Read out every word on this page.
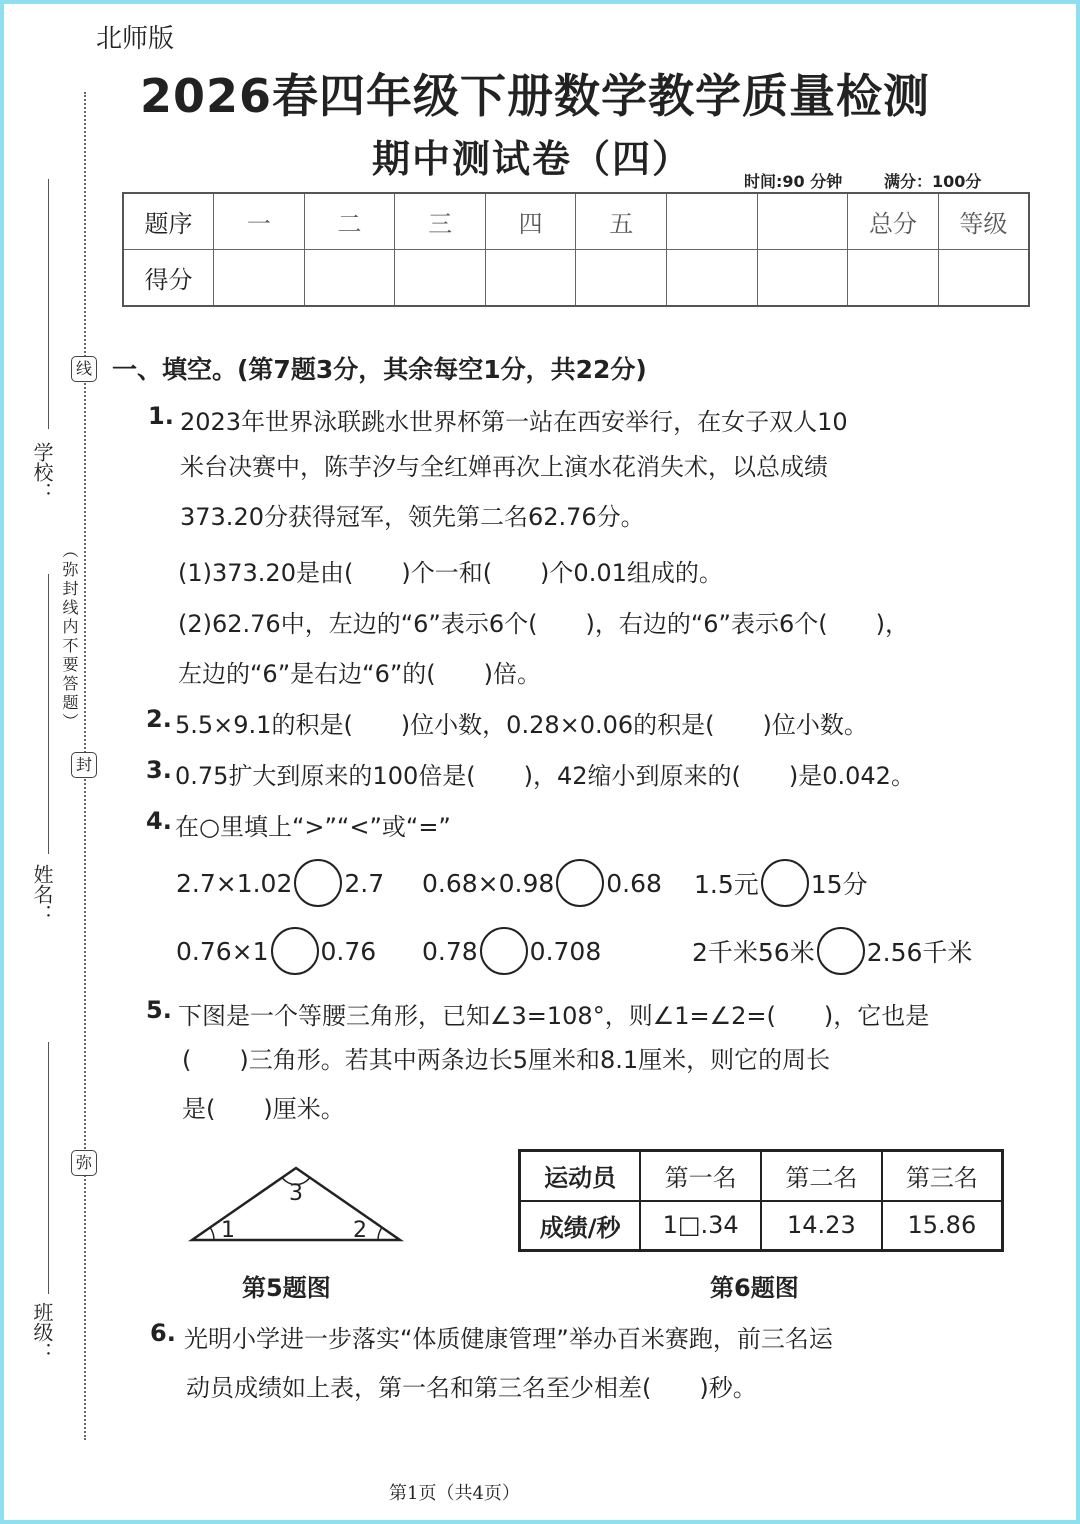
北师版
2026春四年级下册数学教学质量检测
期中测试卷（四）
时间:90 分钟	满分：100分
题序	一	二	三	四	五			总分	等级
得分									
线
封
弥
学校：
姓名：
班级：
（弥封线内不要答题）
一、填空。(第7题3分，其余每空1分，共22分)
1. 2023年世界泳联跳水世界杯第一站在西安举行，在女子双人10
米台决赛中，陈芋汐与全红婵再次上演水花消失术，以总成绩
373.20分获得冠军，领先第二名62.76分。
(1)373.20是由(　　)个一和(　　)个0.01组成的。
(2)62.76中，左边的“6”表示6个(　　)，右边的“6”表示6个(　　)，
左边的“6”是右边“6”的(　　)倍。
2. 5.5×9.1的积是(　　)位小数，0.28×0.06的积是(　　)位小数。
3. 0.75扩大到原来的100倍是(　　)，42缩小到原来的(　　)是0.042。
4. 在○里填上“>”“<”或“=”
2.7×1.02 2.7 0.68×0.98 0.68 1.5元 15分
0.76×1 0.76 0.78 0.708	2千米56米 2.56千米
5. 下图是一个等腰三角形，已知∠3=108°，则∠1=∠2=(　　)，它也是
(　　)三角形。若其中两条边长5厘米和8.1厘米，则它的周长
是(　　)厘米。
1	2
3
第5题图
运动员	第一名	第二名	第三名
成绩/秒	1□.34	14.23	15.86
第6题图
6. 光明小学进一步落实“体质健康管理”举办百米赛跑，前三名运
动员成绩如上表，第一名和第三名至少相差(　　)秒。
第1页（共4页）
